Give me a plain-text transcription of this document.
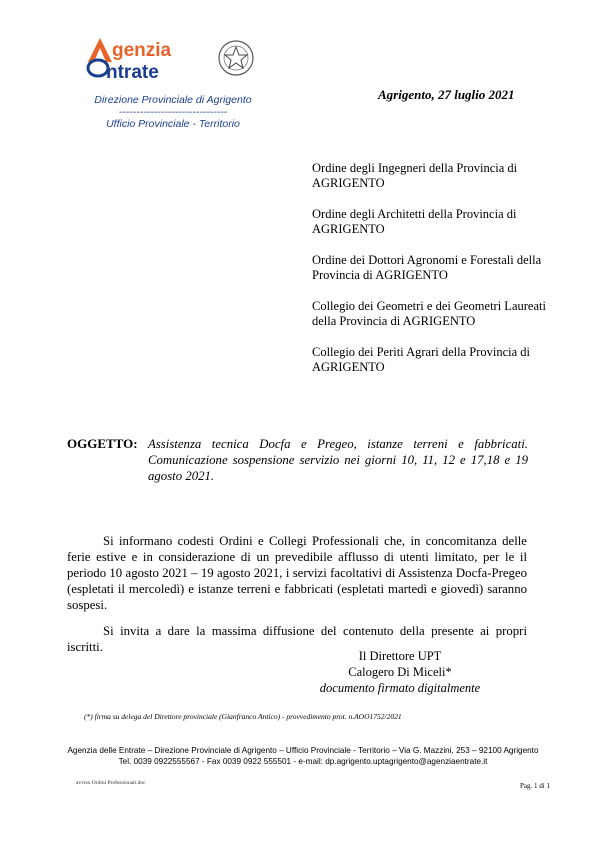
genzia
ntrate
Direzione Provinciale di Agrigento
-------------------------------
Ufficio Provinciale - Territorio
Agrigento, 27 luglio 2021
Ordine degli Ingegneri della Provincia di AGRIGENTO
Ordine degli Architetti della Provincia di AGRIGENTO
Ordine dei Dottori Agronomi e Forestali della Provincia di AGRIGENTO
Collegio dei Geometri e dei Geometri Laureati della Provincia di AGRIGENTO
Collegio dei Periti Agrari della Provincia di AGRIGENTO
OGGETTO: Assistenza tecnica Docfa e Pregeo, istanze terreni e fabbricati. Comunicazione sospensione servizio nei giorni 10, 11, 12 e 17,18 e 19 agosto 2021.

Si informano codesti Ordini e Collegi Professionali che, in concomitanza delle ferie estive e in considerazione di un prevedibile afflusso di utenti limitato, per le il periodo 10 agosto 2021 – 19 agosto 2021, i servizi facoltativi di Assistenza Docfa-Pregeo (espletati il mercoledì) e istanze terreni e fabbricati (espletati martedì e giovedì) saranno sospesi.

Si invita a dare la massima diffusione del contenuto della presente ai propri iscritti.

Il Direttore UPT
Calogero Di Miceli*
documento firmato digitalmente
(*) firma su delega del Direttore provinciale (Gianfranco Antico) - provvedimento prot. n.AOO1752/2021
Agenzia delle Entrate – Direzione Provinciale di Agrigento – Ufficio Provinciale - Territorio – Via G. Mazzini, 253 – 92100 Agrigento
Tel. 0039 0922555567 - Fax 0039 0922 555501 - e-mail: dp.agrigento.uptagrigento@agenziaentrate.it
avviso Ordini Professionali.doc	Pag. 1 di 1
